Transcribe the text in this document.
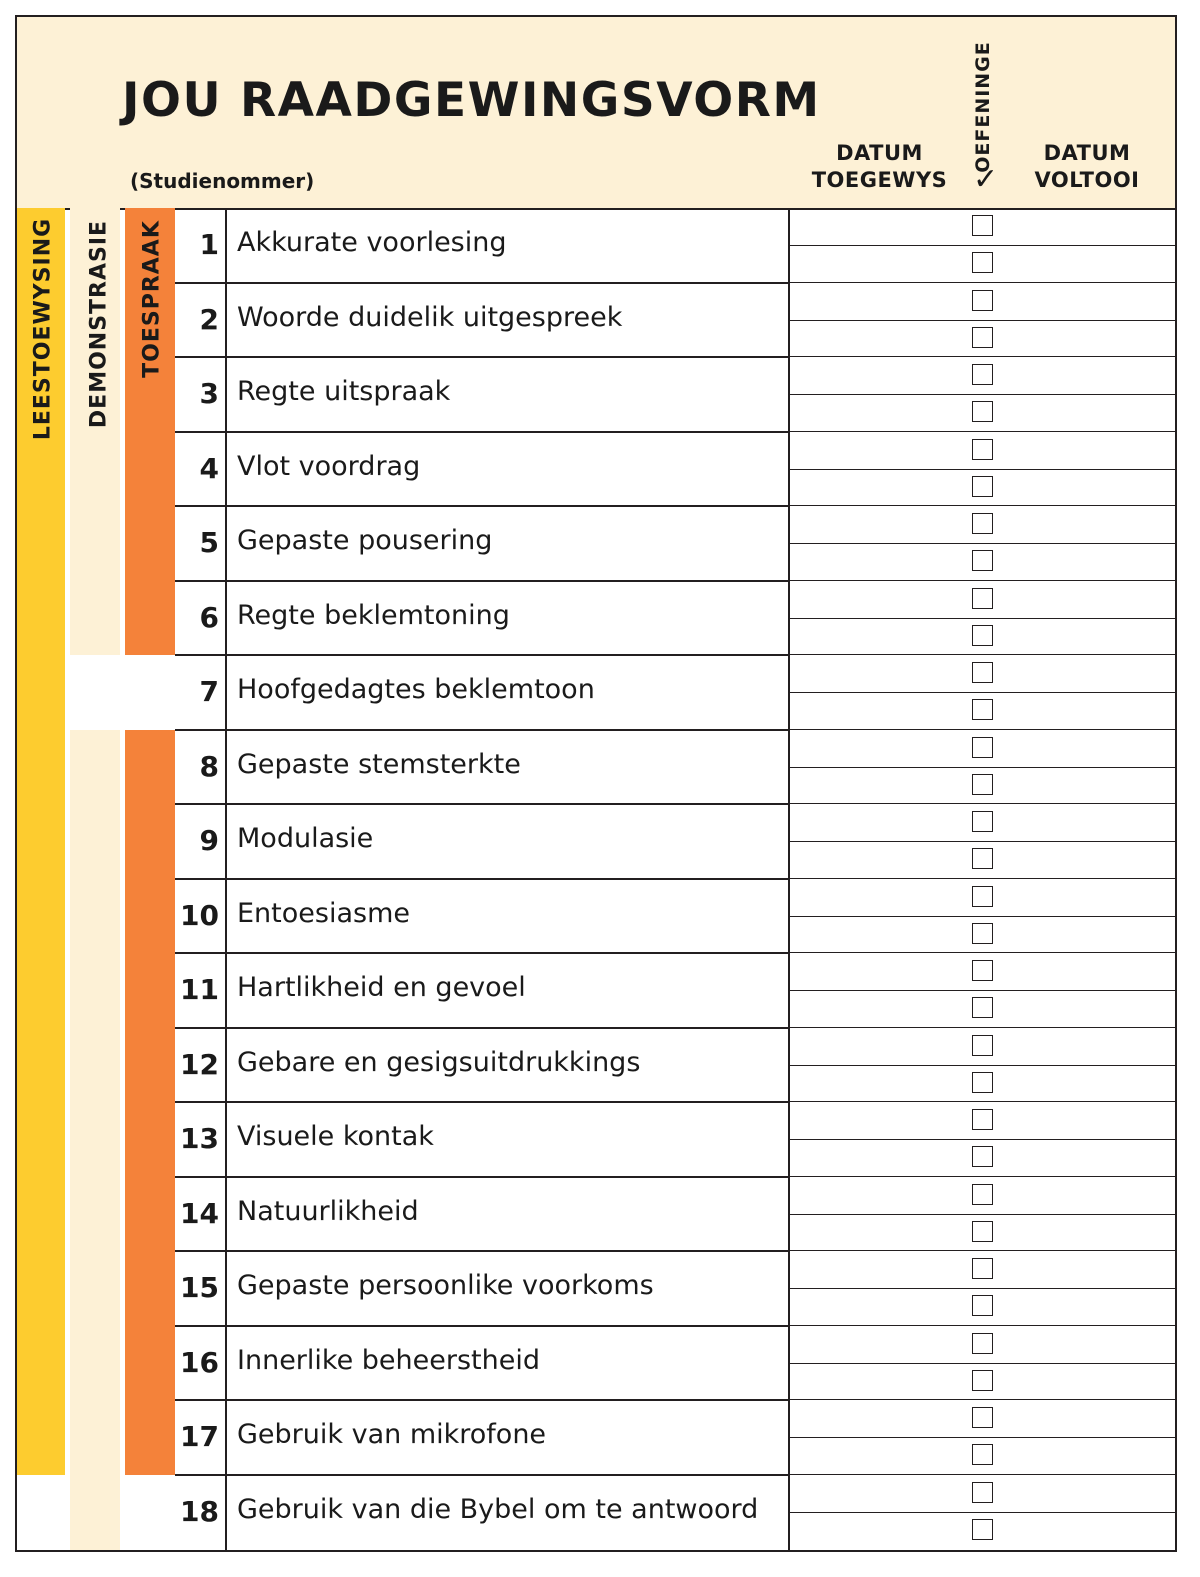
JOU RAADGEWINGSVORM
(Studienommer)
DATUM
TOEGEWYS
OEFENINGE
✓
DATUM
VOLTOOI
LEESTOEWYSING DEMONSTRASIE TOESPRAAK	1 Akkurate voorlesing
2 Woorde duidelik uitgespreek
3 Regte uitspraak
4 Vlot voordrag
5 Gepaste pousering
6 Regte beklemtoning
7 Hoofgedagtes beklemtoon
8 Gepaste stemsterkte
9 Modulasie
10 Entoesiasme
11 Hartlikheid en gevoel
12 Gebare en gesigsuitdrukkings
13 Visuele kontak
14 Natuurlikheid
15 Gepaste persoonlike voorkoms
16 Innerlike beheerstheid
17 Gebruik van mikrofone
18 Gebruik van die Bybel om te antwoord
